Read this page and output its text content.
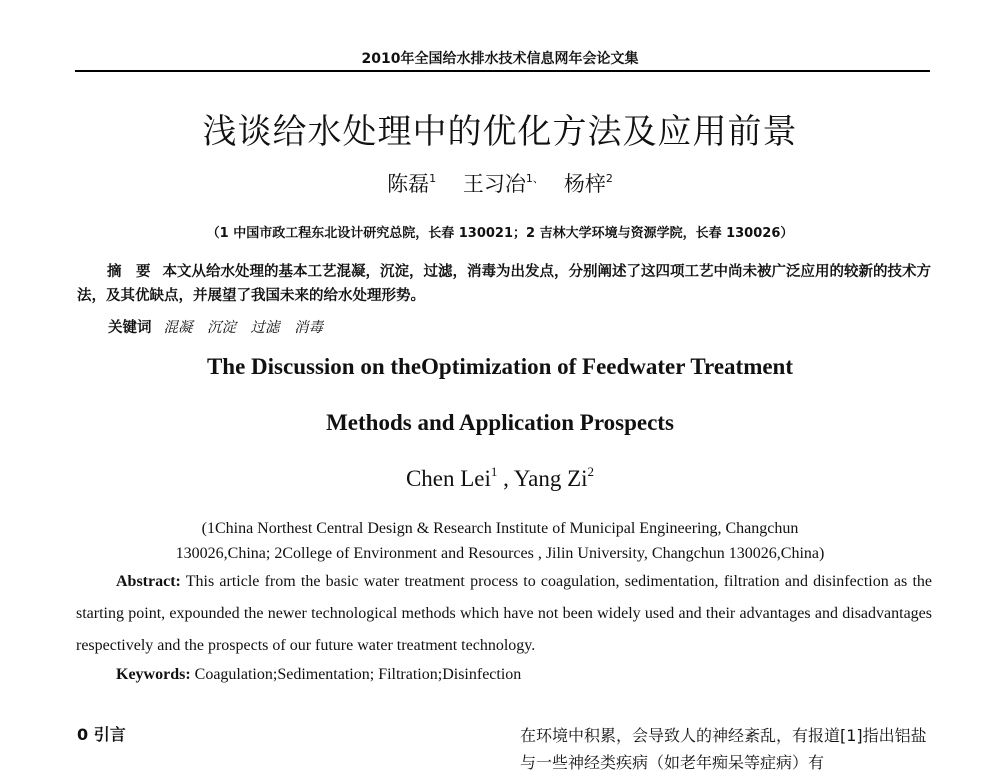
2010年全国给水排水技术信息网年会论文集
浅谈给水处理中的优化方法及应用前景
陈磊$^1$ 王习冶$^{1、}$ 杨梓$^2$
（1 中国市政工程东北设计研究总院，长春 130021；2 吉林大学环境与资源学院，长春 130026）
摘　要 本文从给水处理的基本工艺混凝，沉淀，过滤，消毒为出发点，分别阐述了这四项工艺中尚未被广泛应用的较新的技术方法，及其优缺点，并展望了我国未来的给水处理形势。
关键词 混凝　沉淀　过滤　消毒
The Discussion on theOptimization of Feedwater Treatment
Methods and Application Prospects
Chen Lei$^1$ , Yang Zi$^2$
(1China Northest Central Design & Research Institute of Municipal Engineering, Changchun
130026,China; 2College of Environment and Resources , Jilin University, Changchun 130026,China)
Abstract: This article from the basic water treatment process to coagulation, sedimentation, filtration and disinfection as the starting point, expounded the newer technological methods which have not been widely used and their advantages and disadvantages respectively and the prospects of our future water treatment technology.
Keywords: Coagulation;Sedimentation; Filtration;Disinfection
0 引言	在环境中积累，会导致人的神经紊乱，有报道[1]指出铝盐与一些神经类疾病（如老年痴呆等症病）有
